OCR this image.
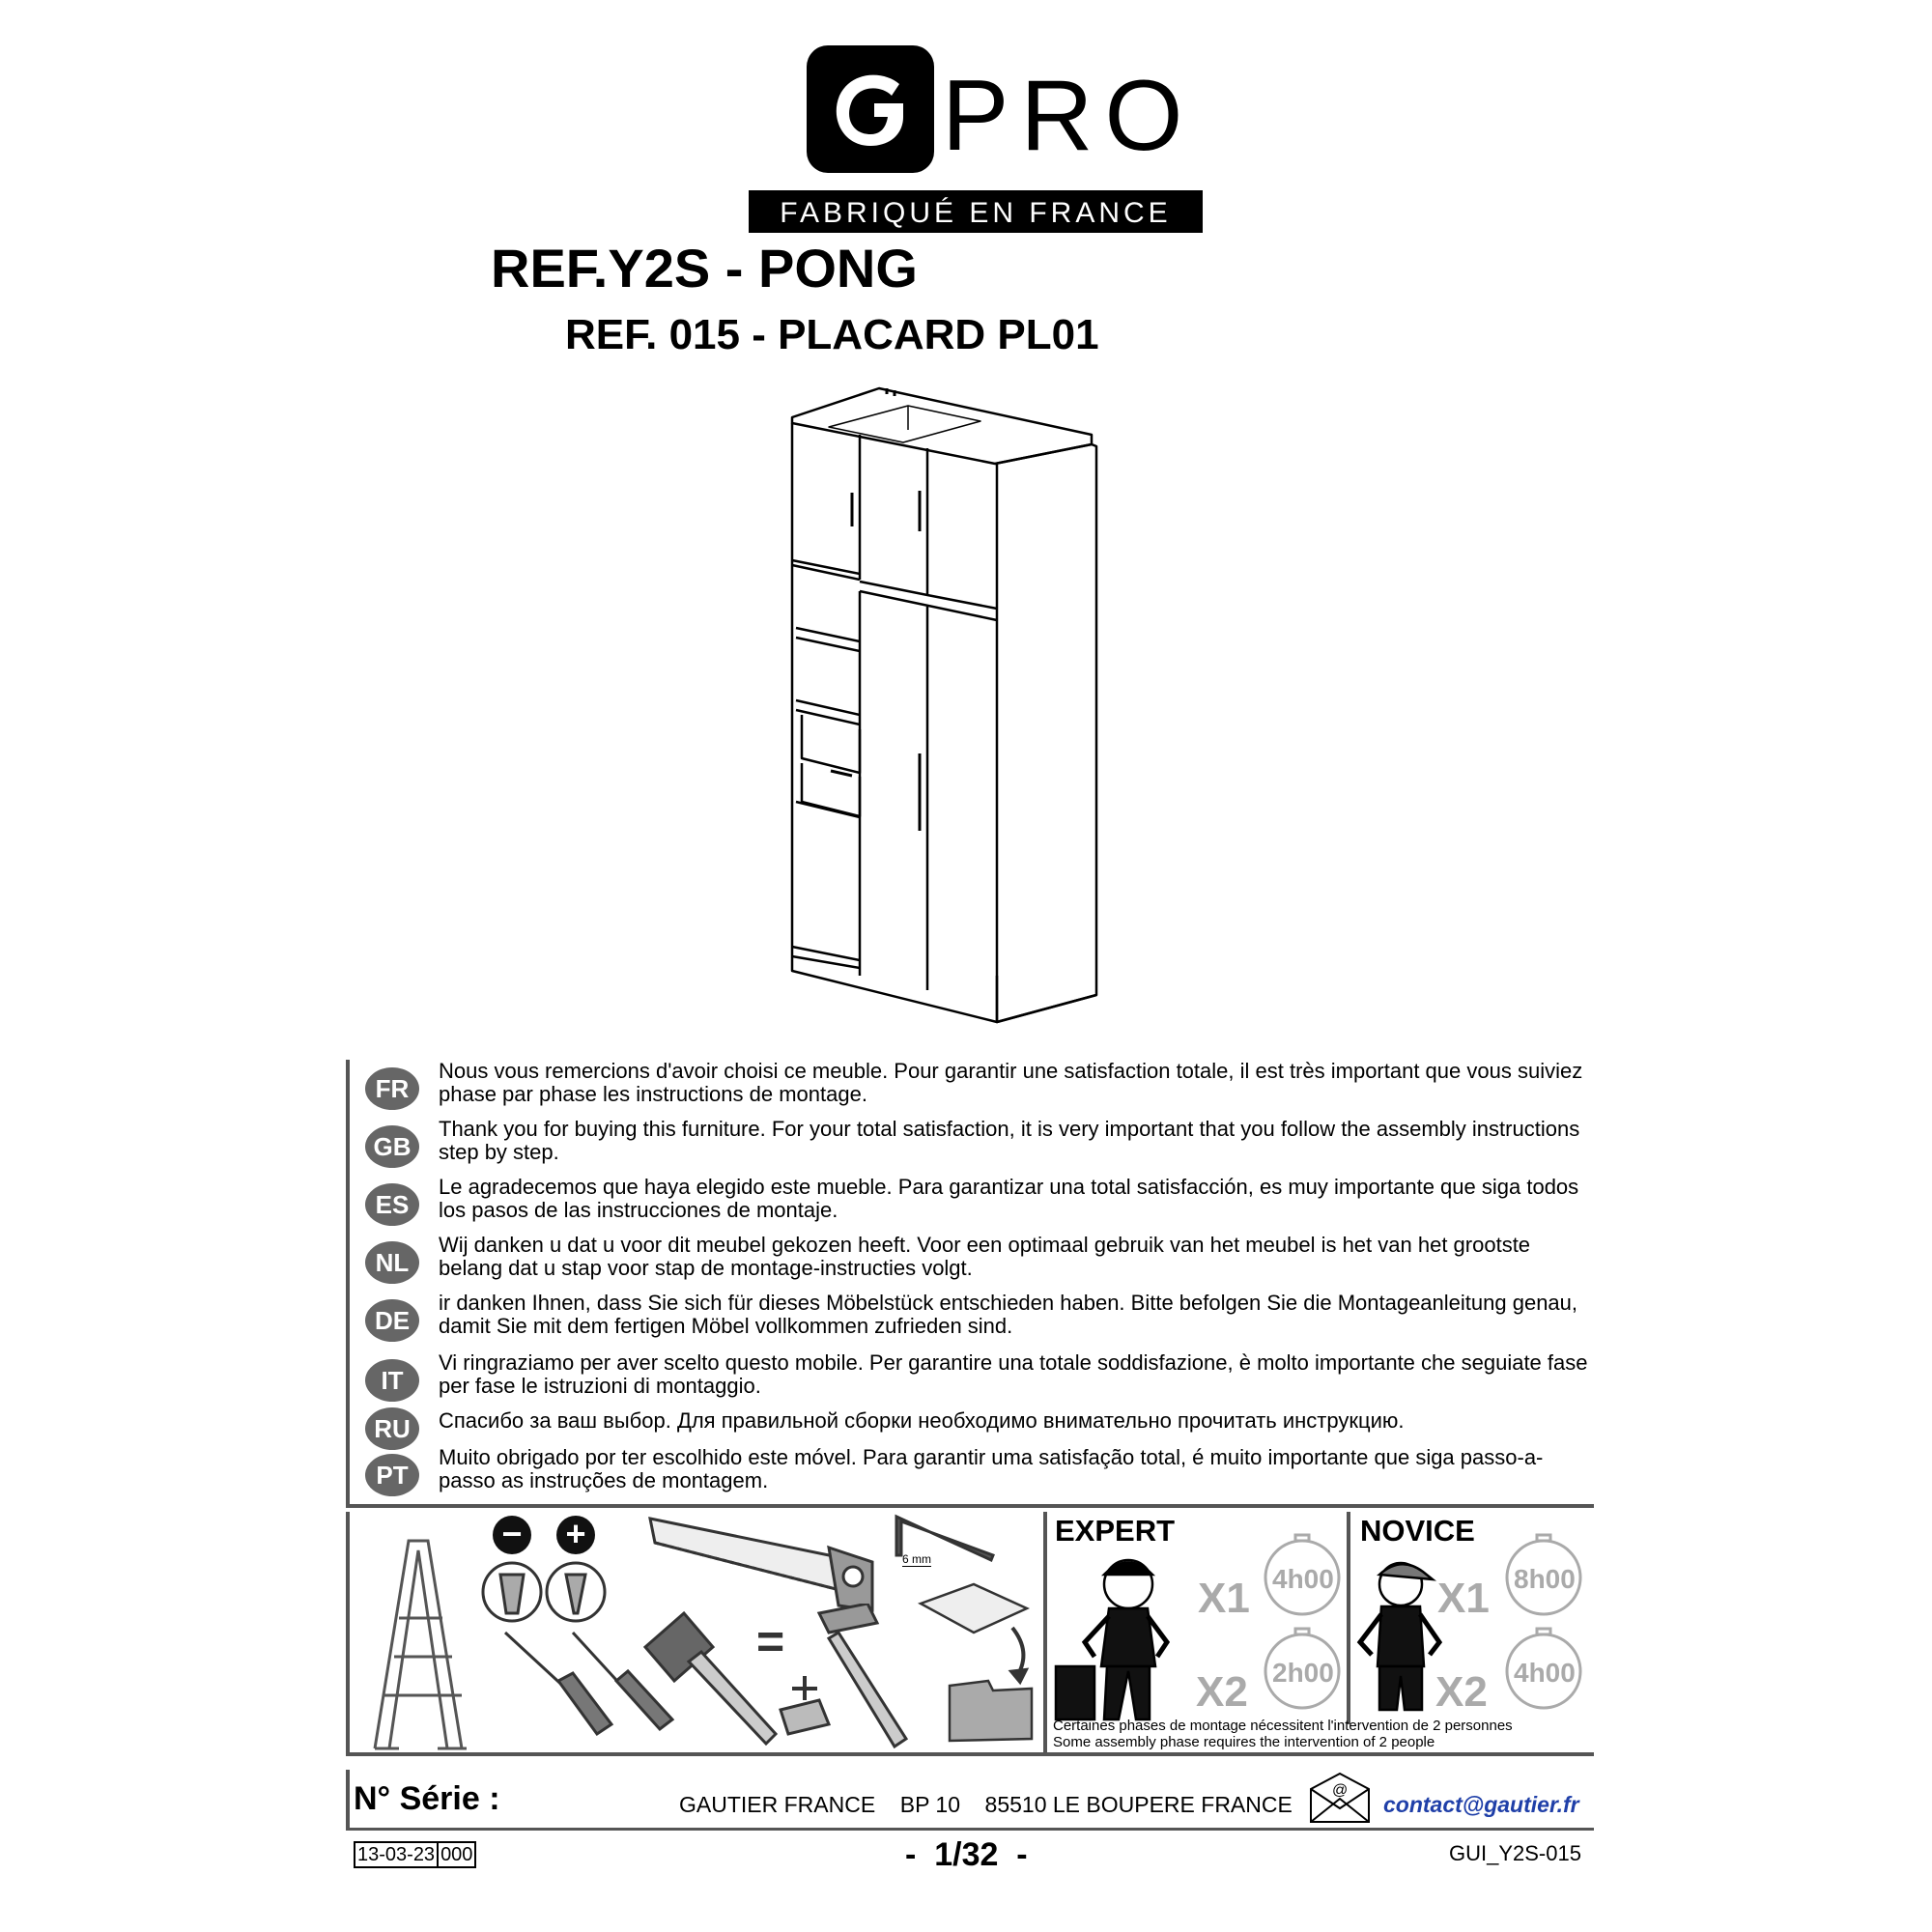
PRO
FABRIQUÉ EN FRANCE
REF.Y2S - PONG
REF. 015 - PLACARD PL01
FR
Nous vous remercions d'avoir choisi ce meuble. Pour garantir une satisfaction totale, il est très important que vous suiviez phase par phase les instructions de montage.
GB
Thank you for buying this furniture. For your total satisfaction, it is very important that you follow the assembly instructions step by step.
ES
Le agradecemos que haya elegido este mueble. Para garantizar una total satisfacción, es muy importante que siga todos los pasos de las instrucciones de montaje.
NL
Wij danken u dat u voor dit meubel gekozen heeft. Voor een optimaal gebruik van het meubel is het van het grootste belang dat u stap voor stap de montage-instructies volgt.
DE
ir danken Ihnen, dass Sie sich für dieses Möbelstück entschieden haben. Bitte befolgen Sie die Montageanleitung genau, damit Sie mit dem fertigen Möbel vollkommen zufrieden sind.
IT
Vi ringraziamo per aver scelto questo mobile. Per garantire una totale soddisfazione, è molto importante che seguiate fase per fase le istruzioni di montaggio.
RU	Спасибо за ваш выбор. Для правильной сборки необходимо внимательно прочитать инструкцию.
PT
Muito obrigado por ter escolhido este móvel. Para garantir uma satisfação total, é muito importante que siga passo-a-passo as instruções de montagem.
− +
6 mm
=
EXPERT
X1
X2
4h00
2h00
NOVICE
X1
X2
8h00
4h00
Certaines phases de montage nécessitent l'intervention de 2 personnes
Some assembly phase requires the intervention of 2 people
N° Série :	GAUTIER FRANCE    BP 10    85510 LE BOUPERE FRANCE
@
contact@gautier.fr
13-03-23 000	-  1/32  -	GUI_Y2S-015
